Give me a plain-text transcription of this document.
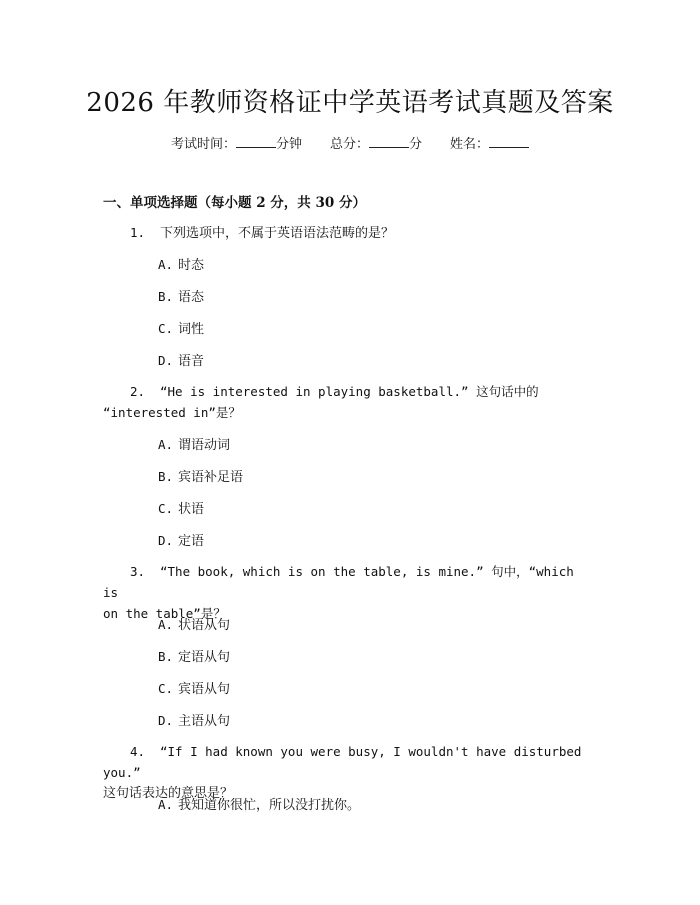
2026 年教师资格证中学英语考试真题及答案
考试时间：	分钟 总分：	分 姓名：
一、单项选择题（每小题 2 分，共 30 分）
1. 下列选项中，不属于英语语法范畴的是？
A. 时态
B. 语态
C. 词性
D. 语音
2. “He is interested in playing basketball.” 这句话中的
“interested in”是？
A. 谓语动词
B. 宾语补足语
C. 状语
D. 定语
3. “The book, which is on the table, is mine.” 句中，“which is
on the table”是？
A. 状语从句
B. 定语从句
C. 宾语从句
D. 主语从句
4. “If I had known you were busy, I wouldn't have disturbed you.”
这句话表达的意思是？
A. 我知道你很忙，所以没打扰你。
